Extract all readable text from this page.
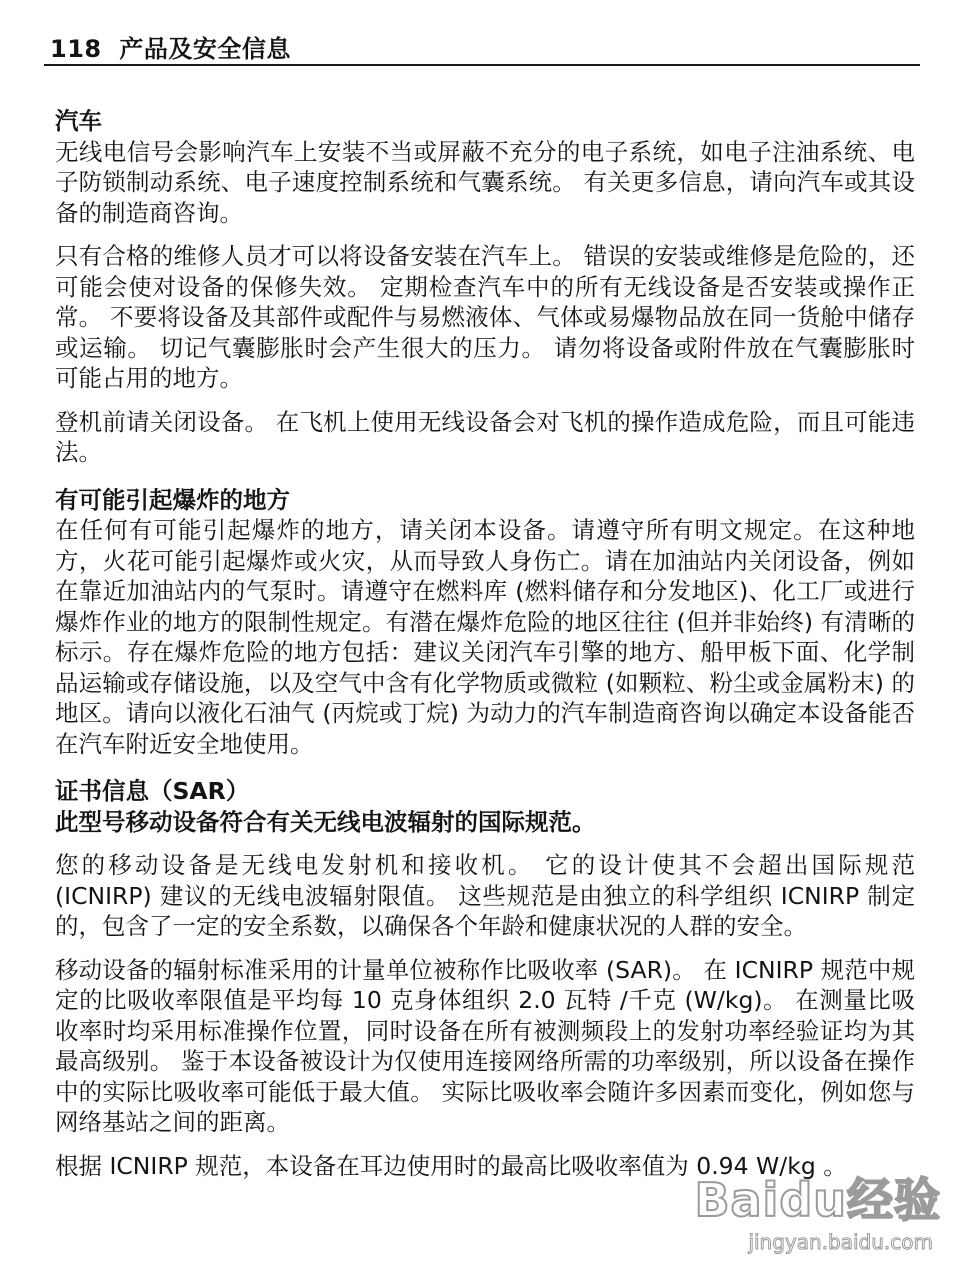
118 产品及安全信息

汽车

无线电信号会影响汽车上安装不当或屏蔽不充分的电子系统，如电子注油系统、电子防锁制动系统、电子速度控制系统和气囊系统。 有关更多信息，请向汽车或其设备的制造商咨询。

只有合格的维修人员才可以将设备安装在汽车上。 错误的安装或维修是危险的，还可能会使对设备的保修失效。 定期检查汽车中的所有无线设备是否安装或操作正常。 不要将设备及其部件或配件与易燃液体、气体或易爆物品放在同一货舱中储存或运输。 切记气囊膨胀时会产生很大的压力。 请勿将设备或附件放在气囊膨胀时可能占用的地方。

登机前请关闭设备。 在飞机上使用无线设备会对飞机的操作造成危险，而且可能违法。

有可能引起爆炸的地方

在任何有可能引起爆炸的地方，请关闭本设备。请遵守所有明文规定。在这种地方，火花可能引起爆炸或火灾，从而导致人身伤亡。请在加油站内关闭设备，例如在靠近加油站内的气泵时。请遵守在燃料库 (燃料储存和分发地区)、化工厂或进行爆炸作业的地方的限制性规定。有潜在爆炸危险的地区往往 (但并非始终) 有清晰的标示。存在爆炸危险的地方包括：建议关闭汽车引擎的地方、船甲板下面、化学制品运输或存储设施，以及空气中含有化学物质或微粒 (如颗粒、粉尘或金属粉末) 的地区。请向以液化石油气 (丙烷或丁烷) 为动力的汽车制造商咨询以确定本设备能否在汽车附近安全地使用。

证书信息（SAR）

此型号移动设备符合有关无线电波辐射的国际规范。

您的移动设备是无线电发射机和接收机。 它的设计使其不会超出国际规范 (ICNIRP) 建议的无线电波辐射限值。 这些规范是由独立的科学组织 ICNIRP 制定的，包含了一定的安全系数，以确保各个年龄和健康状况的人群的安全。

移动设备的辐射标准采用的计量单位被称作比吸收率 (SAR)。 在 ICNIRP 规范中规定的比吸收率限值是平均每 10 克身体组织 2.0 瓦特 /千克 (W/kg)。 在测量比吸收率时均采用标准操作位置，同时设备在所有被测频段上的发射功率经验证均为其最高级别。 鉴于本设备被设计为仅使用连接网络所需的功率级别，所以设备在操作中的实际比吸收率可能低于最大值。 实际比吸收率会随许多因素而变化，例如您与网络基站之间的距离。

根据 ICNIRP 规范，本设备在耳边使用时的最高比吸收率值为 0.94 W/kg 。

Baidu经验
jingyan.baidu.com
